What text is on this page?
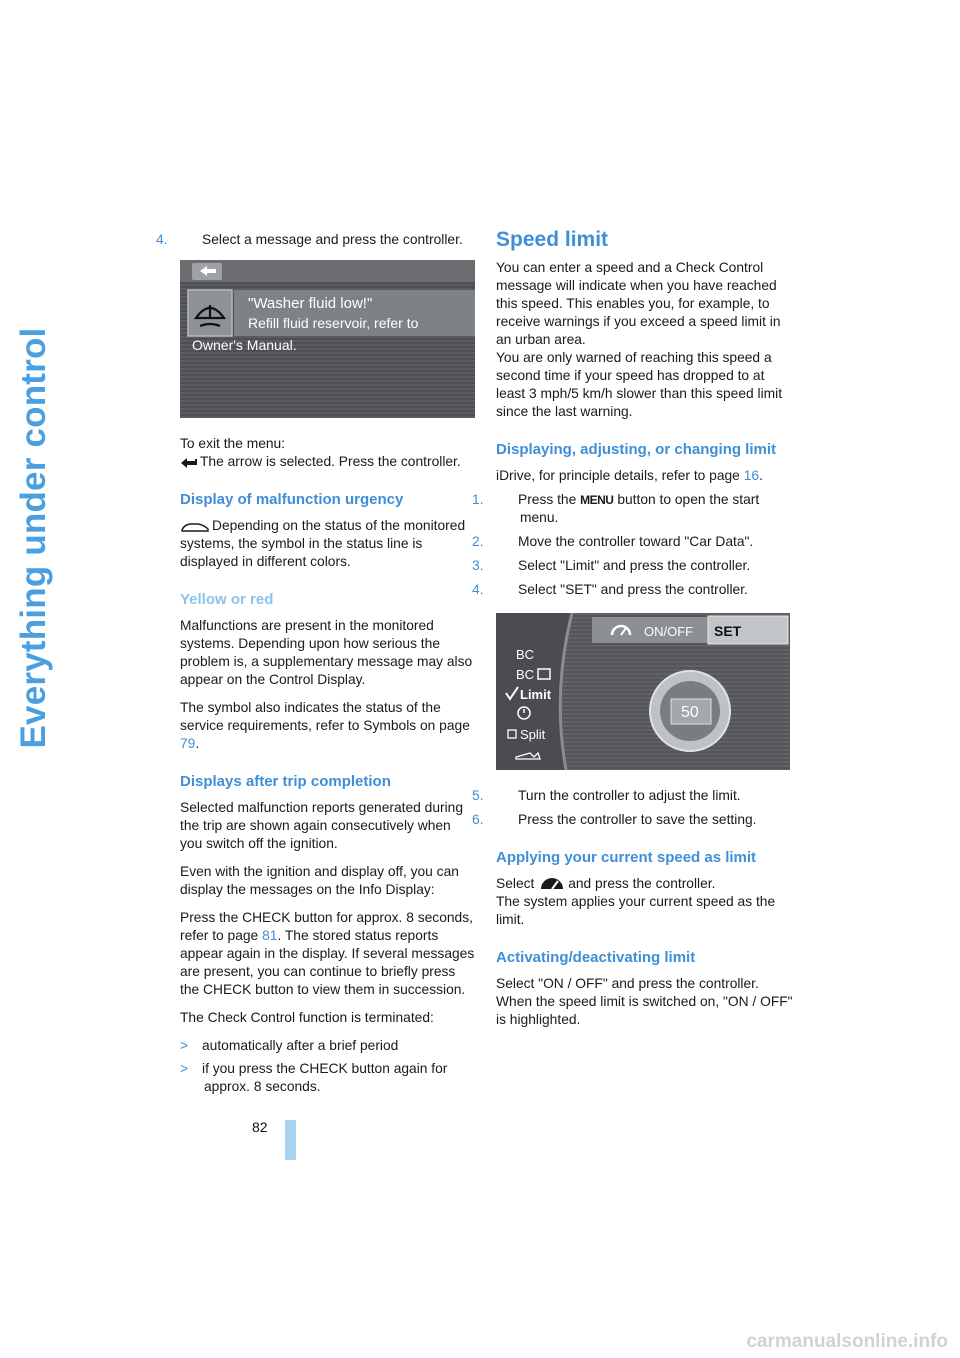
Everything under control

4. Select a message and press the controller.

"Washer fluid low!"
Refill fluid reservoir, refer to
Owner's Manual.

To exit the menu:

The arrow is selected. Press the controller.

Display of malfunction urgency

Depending on the status of the monitored systems, the symbol in the status line is displayed in different colors.

Yellow or red

Malfunctions are present in the monitored systems. Depending upon how serious the problem is, a supplementary message may also appear on the Control Display.

The symbol also indicates the status of the service requirements, refer to Symbols on page 79.

Displays after trip completion

Selected malfunction reports generated during the trip are shown again consecutively when you switch off the ignition.

Even with the ignition and display off, you can display the messages on the Info Display:

Press the CHECK button for approx. 8 seconds, refer to page 81. The stored status reports appear again in the display. If several messages are present, you can continue to briefly press the CHECK button to view them in succession.

The Check Control function is terminated:

> automatically after a brief period

> if you press the CHECK button again for approx. 8 seconds.

Speed limit

You can enter a speed and a Check Control message will indicate when you have reached this speed. This enables you, for example, to receive warnings if you exceed a speed limit in an urban area.

You are only warned of reaching this speed a second time if your speed has dropped to at least 3 mph/5 km/h slower than this speed limit since the last warning.

Displaying, adjusting, or changing limit

iDrive, for principle details, refer to page 16.

1. Press the MENU button to open the start menu.

2. Move the controller toward "Car Data".

3. Select "Limit" and press the controller.

4. Select "SET" and press the controller.

ON/OFF SET
BC
BC
Limit
Split
50

5. Turn the controller to adjust the limit.

6. Press the controller to save the setting.

Applying your current speed as limit

Select and press the controller.

The system applies your current speed as the limit.

Activating/deactivating limit

Select "ON / OFF" and press the controller.

When the speed limit is switched on, "ON / OFF" is highlighted.

82
carmanualsonline.info
